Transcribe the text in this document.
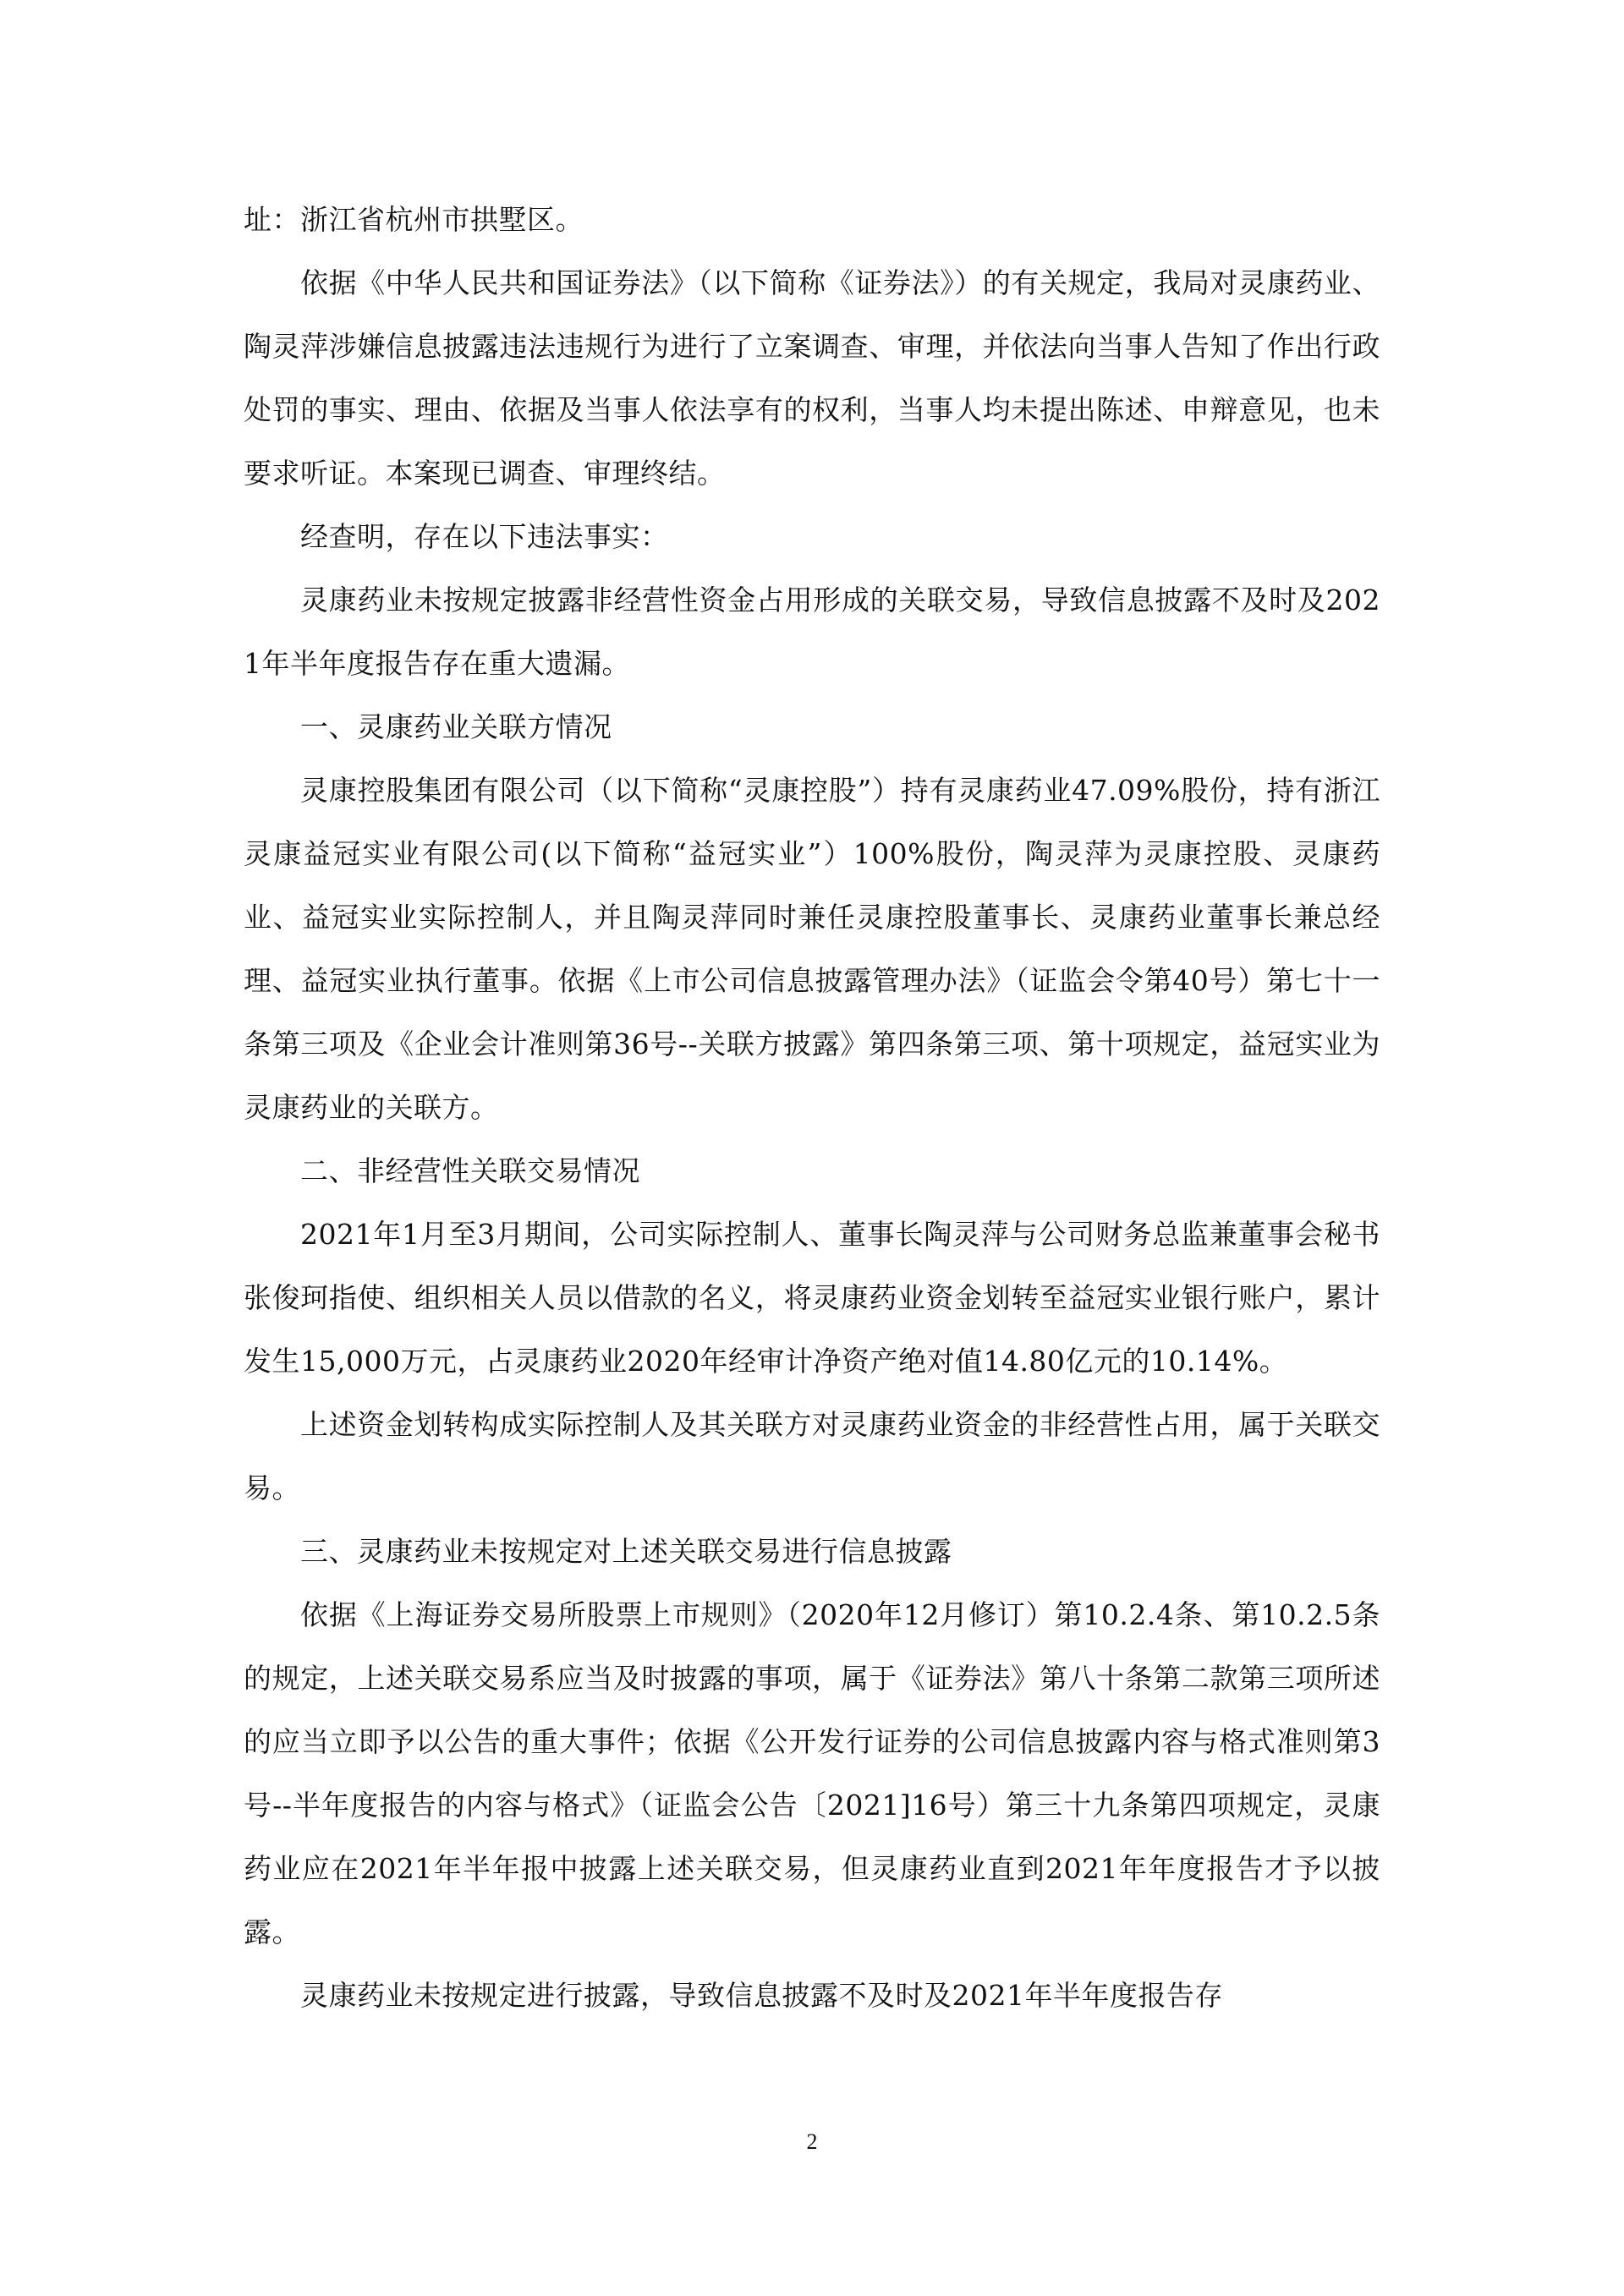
址：浙江省杭州市拱墅区。

依据《中华人民共和国证券法》（以下简称《证券法》）的有关规定，我局对灵康药业、陶灵萍涉嫌信息披露违法违规行为进行了立案调查、审理，并依法向当事人告知了作出行政处罚的事实、理由、依据及当事人依法享有的权利，当事人均未提出陈述、申辩意见，也未要求听证。本案现已调查、审理终结。

经查明，存在以下违法事实：

灵康药业未按规定披露非经营性资金占用形成的关联交易，导致信息披露不及时及2021年半年度报告存在重大遗漏。

一、灵康药业关联方情况

灵康控股集团有限公司（以下简称“灵康控股”）持有灵康药业47.09%股份，持有浙江灵康益冠实业有限公司(以下简称“益冠实业”）100%股份，陶灵萍为灵康控股、灵康药业、益冠实业实际控制人，并且陶灵萍同时兼任灵康控股董事长、灵康药业董事长兼总经理、益冠实业执行董事。依据《上市公司信息披露管理办法》（证监会令第40号）第七十一条第三项及《企业会计准则第36号--关联方披露》第四条第三项、第十项规定，益冠实业为灵康药业的关联方。

二、非经营性关联交易情况

2021年1月至3月期间，公司实际控制人、董事长陶灵萍与公司财务总监兼董事会秘书张俊珂指使、组织相关人员以借款的名义，将灵康药业资金划转至益冠实业银行账户，累计发生15,000万元，占灵康药业2020年经审计净资产绝对值14.80亿元的10.14%。

上述资金划转构成实际控制人及其关联方对灵康药业资金的非经营性占用，属于关联交易。

三、灵康药业未按规定对上述关联交易进行信息披露

依据《上海证券交易所股票上市规则》（2020年12月修订）第10.2.4条、第10.2.5条的规定，上述关联交易系应当及时披露的事项，属于《证券法》第八十条第二款第三项所述的应当立即予以公告的重大事件；依据《公开发行证券的公司信息披露内容与格式准则第3号--半年度报告的内容与格式》（证监会公告〔2021]16号）第三十九条第四项规定，灵康药业应在2021年半年报中披露上述关联交易，但灵康药业直到2021年年度报告才予以披露。

灵康药业未按规定进行披露，导致信息披露不及时及2021年半年度报告存

2
